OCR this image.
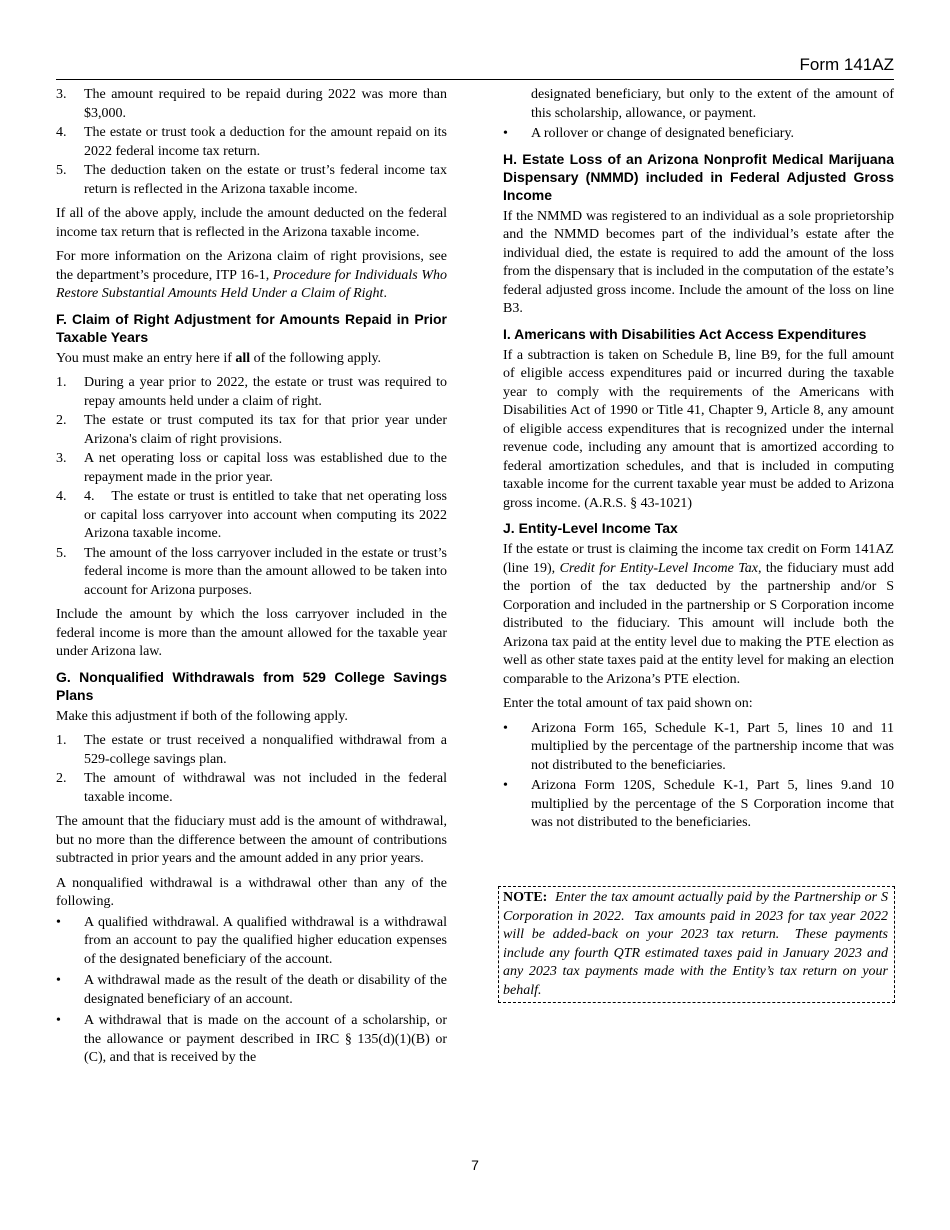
Form 141AZ
3. The amount required to be repaid during 2022 was more than $3,000.
4. The estate or trust took a deduction for the amount repaid on its 2022 federal income tax return.
5. The deduction taken on the estate or trust’s federal income tax return is reflected in the Arizona taxable income.

If all of the above apply, include the amount deducted on the federal income tax return that is reflected in the Arizona taxable income.

For more information on the Arizona claim of right provisions, see the department’s procedure, ITP 16-1, Procedure for Individuals Who Restore Substantial Amounts Held Under a Claim of Right.

F. Claim of Right Adjustment for Amounts Repaid in Prior Taxable Years

You must make an entry here if all of the following apply.

1. During a year prior to 2022, the estate or trust was required to repay amounts held under a claim of right.
2. The estate or trust computed its tax for that prior year under Arizona's claim of right provisions.
3. A net operating loss or capital loss was established due to the repayment made in the prior year.
4. 4.    The estate or trust is entitled to take that net operating loss or capital loss carryover into account when computing its 2022 Arizona taxable income.
5. The amount of the loss carryover included in the estate or trust’s federal income is more than the amount allowed to be taken into account for Arizona purposes.

Include the amount by which the loss carryover included in the federal income is more than the amount allowed for the taxable year under Arizona law.

G. Nonqualified Withdrawals from 529 College Savings Plans

Make this adjustment if both of the following apply.

1. The estate or trust received a nonqualified withdrawal from a 529-college savings plan.
2. The amount of withdrawal was not included in the federal taxable income.

The amount that the fiduciary must add is the amount of withdrawal, but no more than the difference between the amount of contributions subtracted in prior years and the amount added in any prior years.

A nonqualified withdrawal is a withdrawal other than any of the following.

• A qualified withdrawal. A qualified withdrawal is a withdrawal from an account to pay the qualified higher education expenses of the designated beneficiary of the account.
• A withdrawal made as the result of the death or disability of the designated beneficiary of an account.
• A withdrawal that is made on the account of a scholarship, or the allowance or payment described in IRC § 135(d)(1)(B) or (C), and that is received by the

designated beneficiary, but only to the extent of the amount of this scholarship, allowance, or payment.

• A rollover or change of designated beneficiary.
H. Estate Loss of an Arizona Nonprofit Medical Marijuana Dispensary (NMMD) included in Federal Adjusted Gross Income

If the NMMD was registered to an individual as a sole proprietorship and the NMMD becomes part of the individual’s estate after the individual died, the estate is required to add the amount of the loss from the dispensary that is included in the computation of the estate’s federal adjusted gross income. Include the amount of the loss on line B3.

I. Americans with Disabilities Act Access Expenditures

If a subtraction is taken on Schedule B, line B9, for the full amount of eligible access expenditures paid or incurred during the taxable year to comply with the requirements of the Americans with Disabilities Act of 1990 or Title 41, Chapter 9, Article 8, any amount of eligible access expenditures that is recognized under the internal revenue code, including any amount that is amortized according to federal amortization schedules, and that is included in computing taxable income for the current taxable year must be added to Arizona gross income. (A.R.S. § 43-1021)

J. Entity-Level Income Tax

If the estate or trust is claiming the income tax credit on Form 141AZ (line 19), Credit for Entity-Level Income Tax, the fiduciary must add the portion of the tax deducted by the partnership and/or S Corporation and included in the partnership or S Corporation income distributed to the fiduciary. This amount will include both the Arizona tax paid at the entity level due to making the PTE election as well as other state taxes paid at the entity level for making an election comparable to the Arizona’s PTE election.

Enter the total amount of tax paid shown on:

• Arizona Form 165, Schedule K-1, Part 5, lines 10 and 11 multiplied by the percentage of the partnership income that was not distributed to the beneficiaries.
• Arizona Form 120S, Schedule K-1, Part 5, lines 9.and 10 multiplied by the percentage of the S Corporation income that was not distributed to the beneficiaries.
NOTE:  Enter the tax amount actually paid by the Partnership or S Corporation in 2022.  Tax amounts paid in 2023 for tax year 2022 will be added-back on your 2023 tax return.  These payments include any fourth QTR estimated taxes paid in January 2023 and any 2023 tax payments made with the Entity’s tax return on your behalf.
7
